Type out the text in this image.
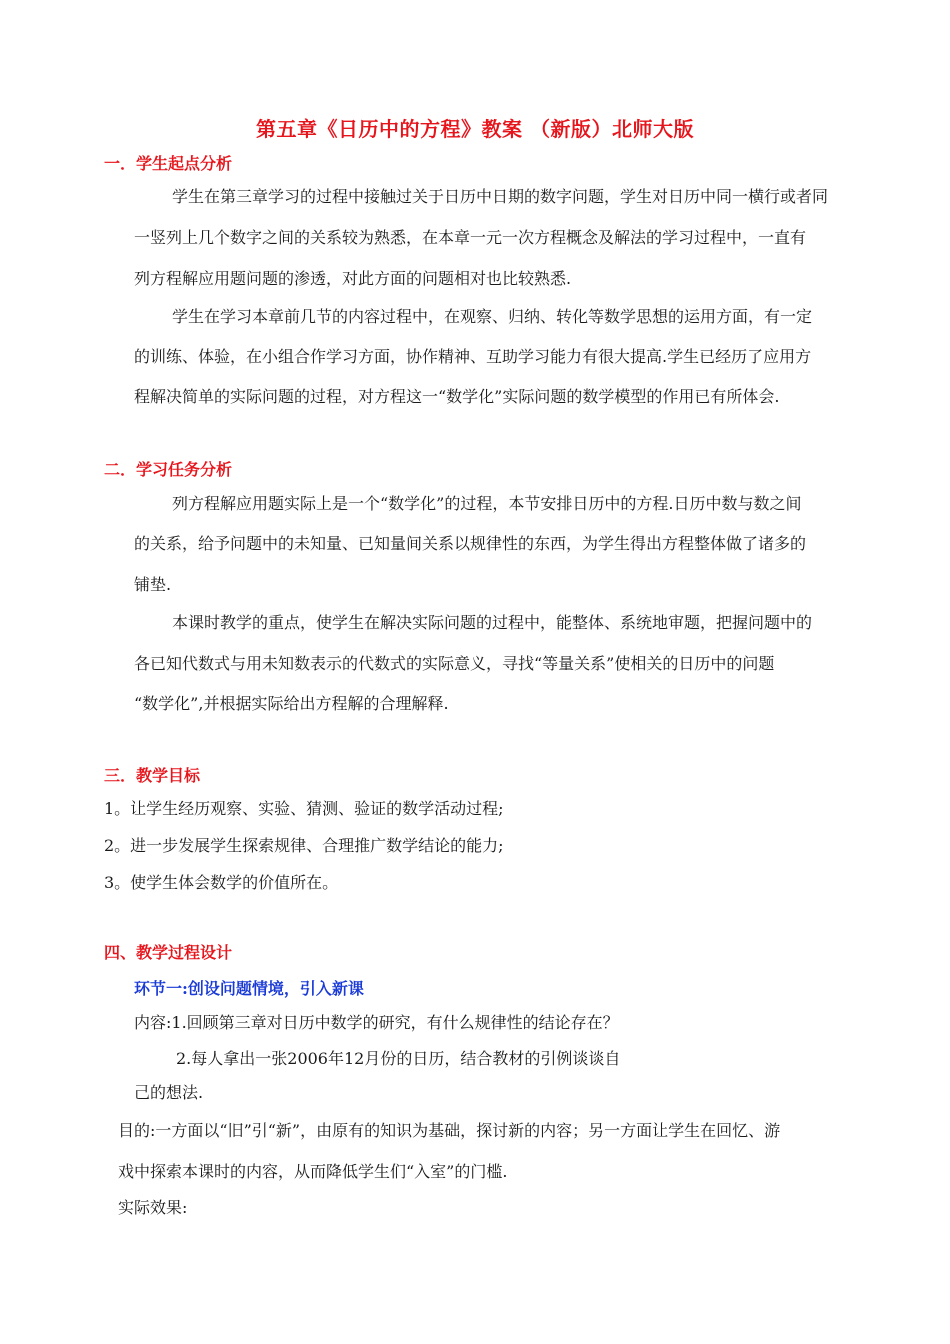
第五章《日历中的方程》教案 （新版）北师大版
一．学生起点分析
学生在第三章学习的过程中接触过关于日历中日期的数字问题，学生对日历中同一横行或者同
一竖列上几个数字之间的关系较为熟悉，在本章一元一次方程概念及解法的学习过程中，一直有
列方程解应用题问题的渗透，对此方面的问题相对也比较熟悉.
学生在学习本章前几节的内容过程中，在观察、归纳、转化等数学思想的运用方面，有一定
的训练、体验，在小组合作学习方面，协作精神、互助学习能力有很大提高.学生已经历了应用方
程解决简单的实际问题的过程，对方程这一“数学化”实际问题的数学模型的作用已有所体会.
二．学习任务分析
列方程解应用题实际上是一个“数学化”的过程，本节安排日历中的方程.日历中数与数之间
的关系，给予问题中的未知量、已知量间关系以规律性的东西，为学生得出方程整体做了诸多的
铺垫.
本课时教学的重点，使学生在解决实际问题的过程中，能整体、系统地审题，把握问题中的
各已知代数式与用未知数表示的代数式的实际意义，寻找“等量关系”使相关的日历中的问题
“数学化”,并根据实际给出方程解的合理解释.
三．教学目标
1。让学生经历观察、实验、猜测、验证的数学活动过程;
2。进一步发展学生探索规律、合理推广数学结论的能力;
3。使学生体会数学的价值所在。
四、教学过程设计
环节一:创设问题情境，引入新课
内容:1.回顾第三章对日历中数学的研究，有什么规律性的结论存在？
2.每人拿出一张2006年12月份的日历，结合教材的引例谈谈自
己的想法.
目的:一方面以“旧”引“新”，由原有的知识为基础，探讨新的内容；另一方面让学生在回忆、游
戏中探索本课时的内容，从而降低学生们“入室”的门槛.
实际效果:
